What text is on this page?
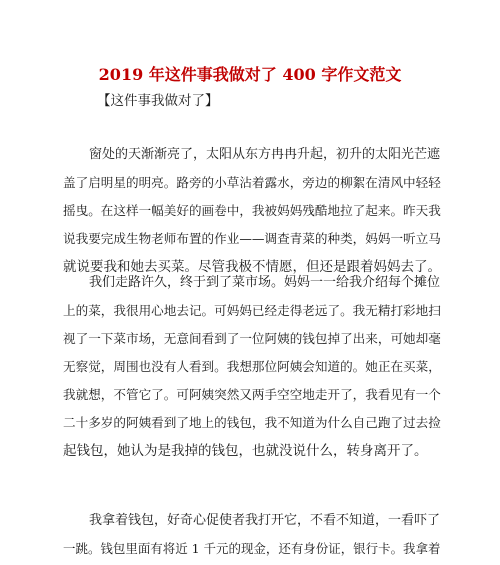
2019 年这件事我做对了 400 字作文范文
【这件事我做对了】
　　窗处的天渐渐亮了，太阳从东方冉冉升起，初升的太阳光芒遮
盖了启明星的明亮。路旁的小草沾着露水，旁边的柳絮在清风中轻轻
摇曳。在这样一幅美好的画卷中，我被妈妈残酷地拉了起来。昨天我
说我要完成生物老师布置的作业——调查青菜的种类，妈妈一听立马
就说要我和她去买菜。尽管我极不情愿，但还是跟着妈妈去了。
　　我们走路许久，终于到了菜市场。妈妈一一给我介绍每个摊位
上的菜，我很用心地去记。可妈妈已经走得老远了。我无精打彩地扫
视了一下菜市场，无意间看到了一位阿姨的钱包掉了出来，可她却毫
无察觉，周围也没有人看到。我想那位阿姨会知道的。她正在买菜，
我就想，不管它了。可阿姨突然又两手空空地走开了，我看见有一个
二十多岁的阿姨看到了地上的钱包，我不知道为什么自己跑了过去捡
起钱包，她认为是我掉的钱包，也就没说什么，转身离开了。
　　我拿着钱包，好奇心促使者我打开它，不看不知道，一看吓了
一跳。钱包里面有将近 1 千元的现金，还有身份证，银行卡。我拿着
